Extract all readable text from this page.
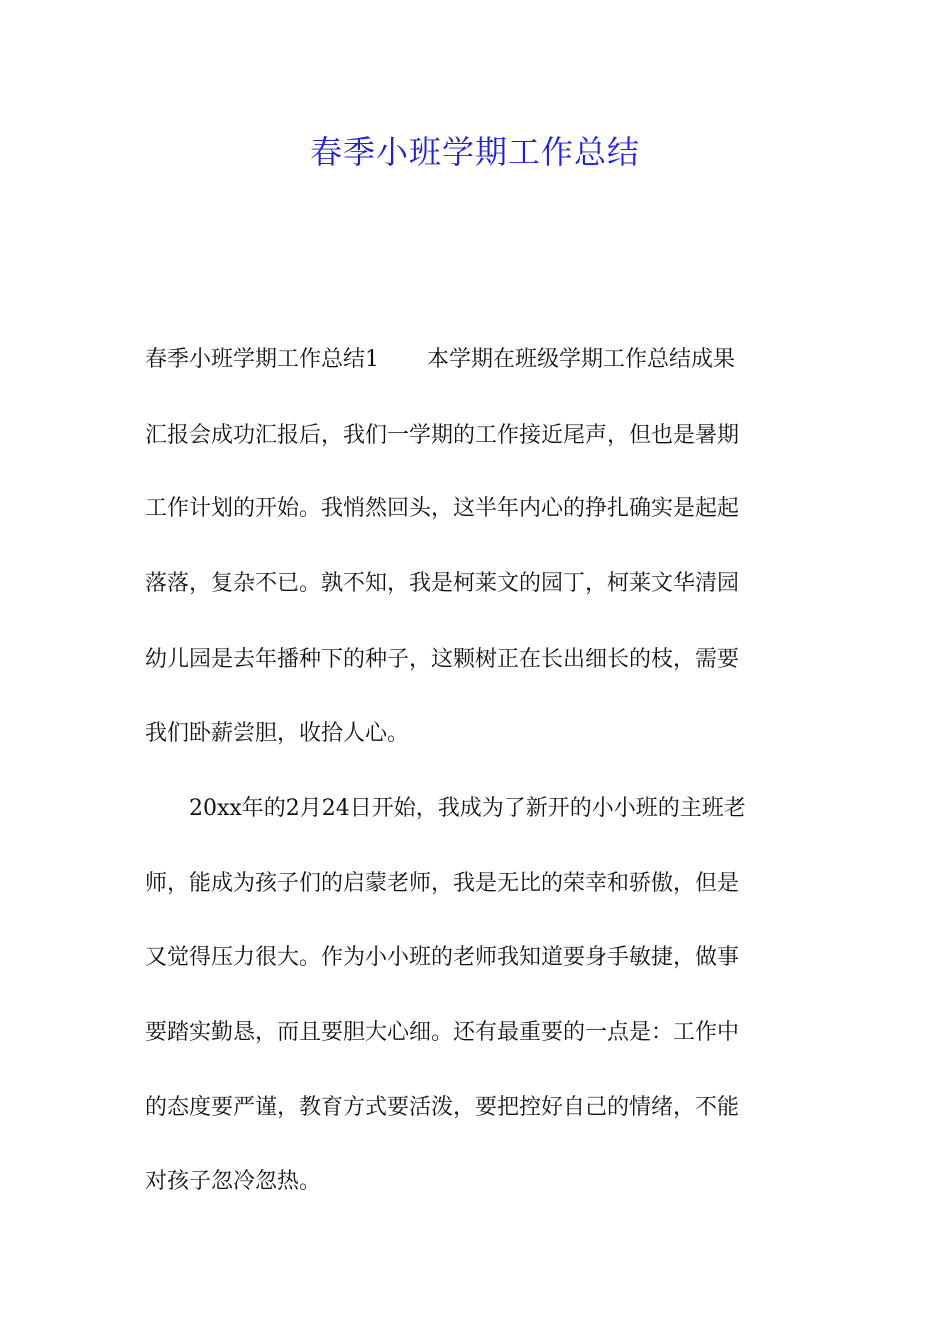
春季小班学期工作总结
春季小班学期工作总结1 本学期在班级学期工作总结成果
汇报会成功汇报后，我们一学期的工作接近尾声，但也是暑期
工作计划的开始。我悄然回头，这半年内心的挣扎确实是起起
落落，复杂不已。孰不知，我是柯莱文的园丁，柯莱文华清园
幼儿园是去年播种下的种子，这颗树正在长出细长的枝，需要
我们卧薪尝胆，收拾人心。
20xx年的2月24日开始，我成为了新开的小小班的主班老
师，能成为孩子们的启蒙老师，我是无比的荣幸和骄傲，但是
又觉得压力很大。作为小小班的老师我知道要身手敏捷，做事
要踏实勤恳，而且要胆大心细。还有最重要的一点是：工作中
的态度要严谨，教育方式要活泼，要把控好自己的情绪，不能
对孩子忽冷忽热。
